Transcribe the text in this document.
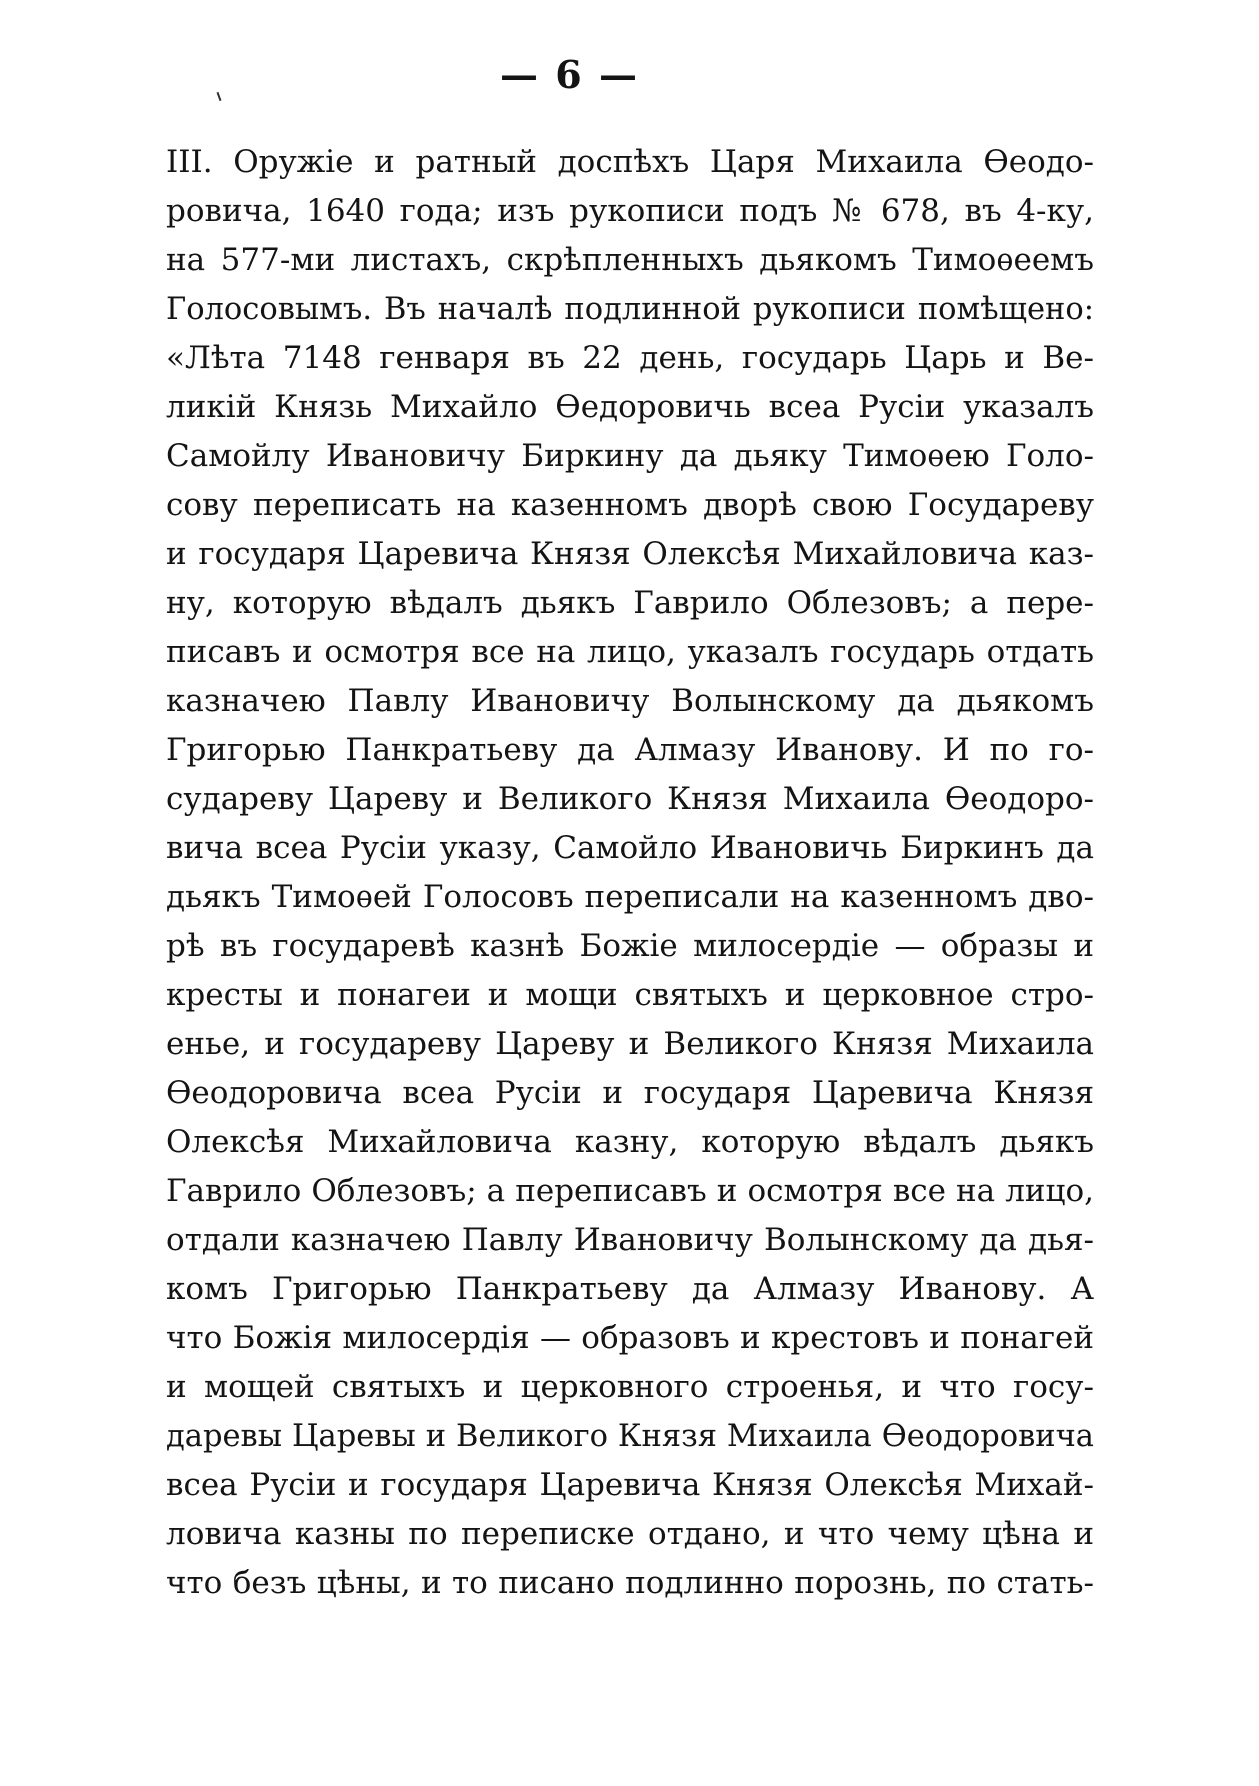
— 6 —
III. Оружіе и ратный доспѣхъ Царя Михаила Ѳеодо-
ровича, 1640 года; изъ рукописи подъ № 678, въ 4-ку,
на 577-ми листахъ, скрѣпленныхъ дьякомъ Тимоѳеемъ
Голосовымъ. Въ началѣ подлинной рукописи помѣщено:
«Лѣта 7148 генваря въ 22 день, государь Царь и Ве-
ликій Князь Михайло Ѳедоровичь всеа Русіи указалъ
Самойлу Ивановичу Биркину да дьяку Тимоѳею Голо-
сову переписать на казенномъ дворѣ свою Государеву
и государя Царевича Князя Олексѣя Михайловича каз-
ну, которую вѣдалъ дьякъ Гаврило Облезовъ; а пере-
писавъ и осмотря все на лицо, указалъ государь отдать
казначею Павлу Ивановичу Волынскому да дьякомъ
Григорью Панкратьеву да Алмазу Иванову. И по го-
судареву Цареву и Великого Князя Михаила Ѳеодоро-
вича всеа Русіи указу, Самойло Ивановичь Биркинъ да
дьякъ Тимоѳей Голосовъ переписали на казенномъ дво-
рѣ въ государевѣ казнѣ Божіе милосердіе — образы и
кресты и понагеи и мощи святыхъ и церковное стро-
енье, и государеву Цареву и Великого Князя Михаила
Ѳеодоровича всеа Русіи и государя Царевича Князя
Олексѣя Михайловича казну, которую вѣдалъ дьякъ
Гаврило Облезовъ; а переписавъ и осмотря все на лицо,
отдали казначею Павлу Ивановичу Волынскому да дья-
комъ Григорью Панкратьеву да Алмазу Иванову. А
что Божія милосердія — образовъ и крестовъ и понагей
и мощей святыхъ и церковного строенья, и что госу-
даревы Царевы и Великого Князя Михаила Ѳеодоровича
всеа Русіи и государя Царевича Князя Олексѣя Михай-
ловича казны по переписке отдано, и что чему цѣна и
что безъ цѣны, и то писано подлинно порознь, по стать-
